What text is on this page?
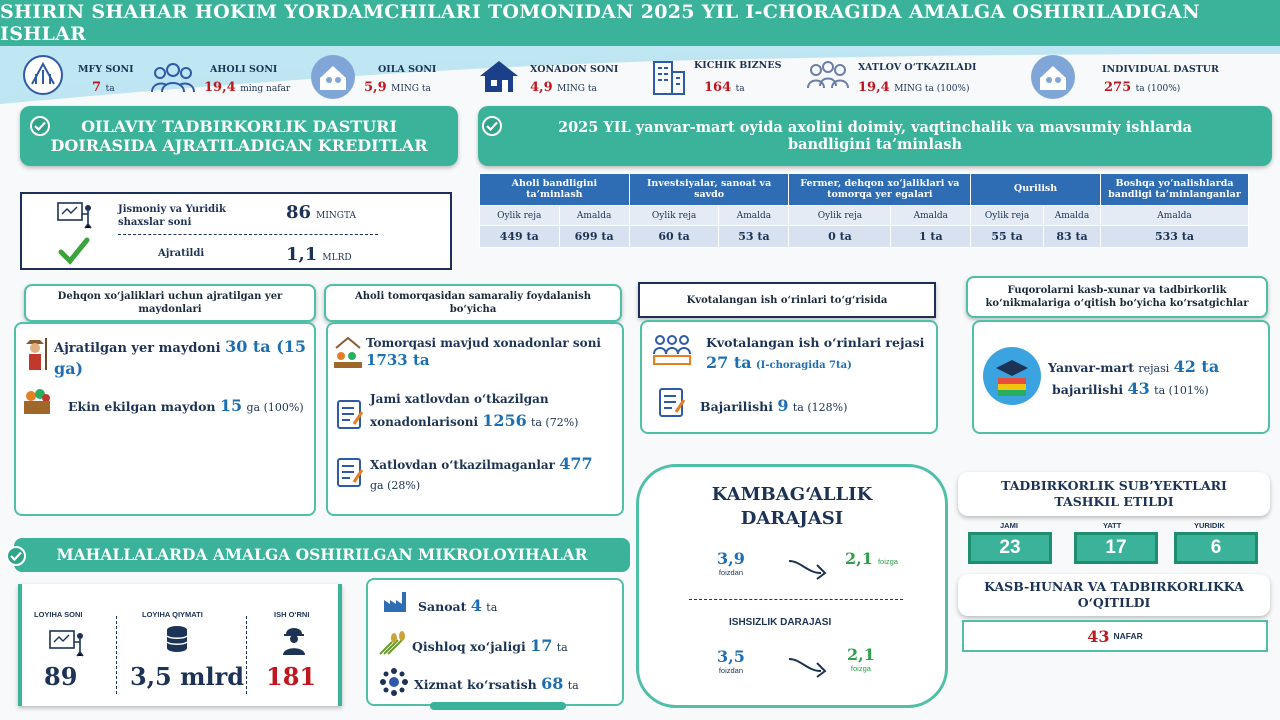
SHIRIN SHAHAR HOKIM YORDAMCHILARI TOMONIDAN 2025 YIL I-CHORAGIDA AMALGA OSHIRILADIGAN ISHLAR
MFY SONI
7 ta
AHOLI SONI
19,4 ming nafar
OILA SONI
5,9 MING ta
XONADON SONI
4,9 MING ta
KICHIK BIZNES
164 ta
XATLOV O‘TKAZILADI
19,4 MING ta (100%)
INDIVIDUAL DASTUR
275 ta (100%)
OILAVIY TADBIRKORLIK DASTURI DOIRASIDA AJRATILADIGAN KREDITLAR
Jismoniy va Yuridik shaxslar soni	86 MINGTA
Ajratildi	1,1 MLRD
2025 YIL yanvar-mart oyida axolini doimiy, vaqtinchalik va mavsumiy ishlarda bandligini ta’minlash
Aholi bandligini ta’minlash		Investsiyalar, sanoat va savdo		Fermer, dehqon xo‘jaliklari va tomorqa yer egalari		Qurilish		Boshqa yo‘nalishlarda bandligi ta’minlanganlar
Oylik reja	Amalda	Oylik reja	Amalda	Oylik reja	Amalda	Oylik reja	Amalda	Amalda
449 ta	699 ta	60 ta	53 ta	0 ta	1 ta	55 ta	83 ta	533 ta
Dehqon xo‘jaliklari uchun ajratilgan yer maydonlari
Ajratilgan yer maydoni 30 ta (15 ga)
Ekin ekilgan maydon 15 ga (100%)
Aholi tomorqasidan samaraliy foydalanish bo‘yicha
Tomorqasi mavjud xonadonlar soni
1733 ta
Jami xatlovdan o‘tkazilgan xonadonlarisoni 1256 ta (72%)
Xatlovdan o‘tkazilmaganlar 477
ga (28%)
Kvotalangan ish o‘rinlari to‘g‘risida
Kvotalangan ish o‘rinlari rejasi
27 ta (I-choragida 7ta)
Bajarilishi 9 ta (128%)
Fuqorolarni kasb-xunar va tadbirkorlik ko‘nikmalariga o‘qitish bo‘yicha ko‘rsatgichlar
Yanvar-mart rejasi 42 ta
bajarilishi 43 ta (101%)
KAMBAG‘ALLIK DARAJASI
3,9
foizdan
2,1 foizga
ISHSIZLIK DARAJASI
3,5
foizdan
2,1
foizga
TADBIRKORLIK SUB’YEKTLARI TASHKIL ETILDI
JAMI	YATT	YURIDIK
23	17	6
KASB-HUNAR VA TADBIRKORLIKKA O‘QITILDI
43 NAFAR
MAHALLALARDA AMALGA OSHIRILGAN MIKROLOYIHALAR
LOYIHA SONI
89
LOYIHA QIYMATI
3,5 mlrd
ISH O‘RNI
181
Sanoat 4 ta
Qishloq xo‘jaligi 17 ta
Xizmat ko‘rsatish 68 ta
